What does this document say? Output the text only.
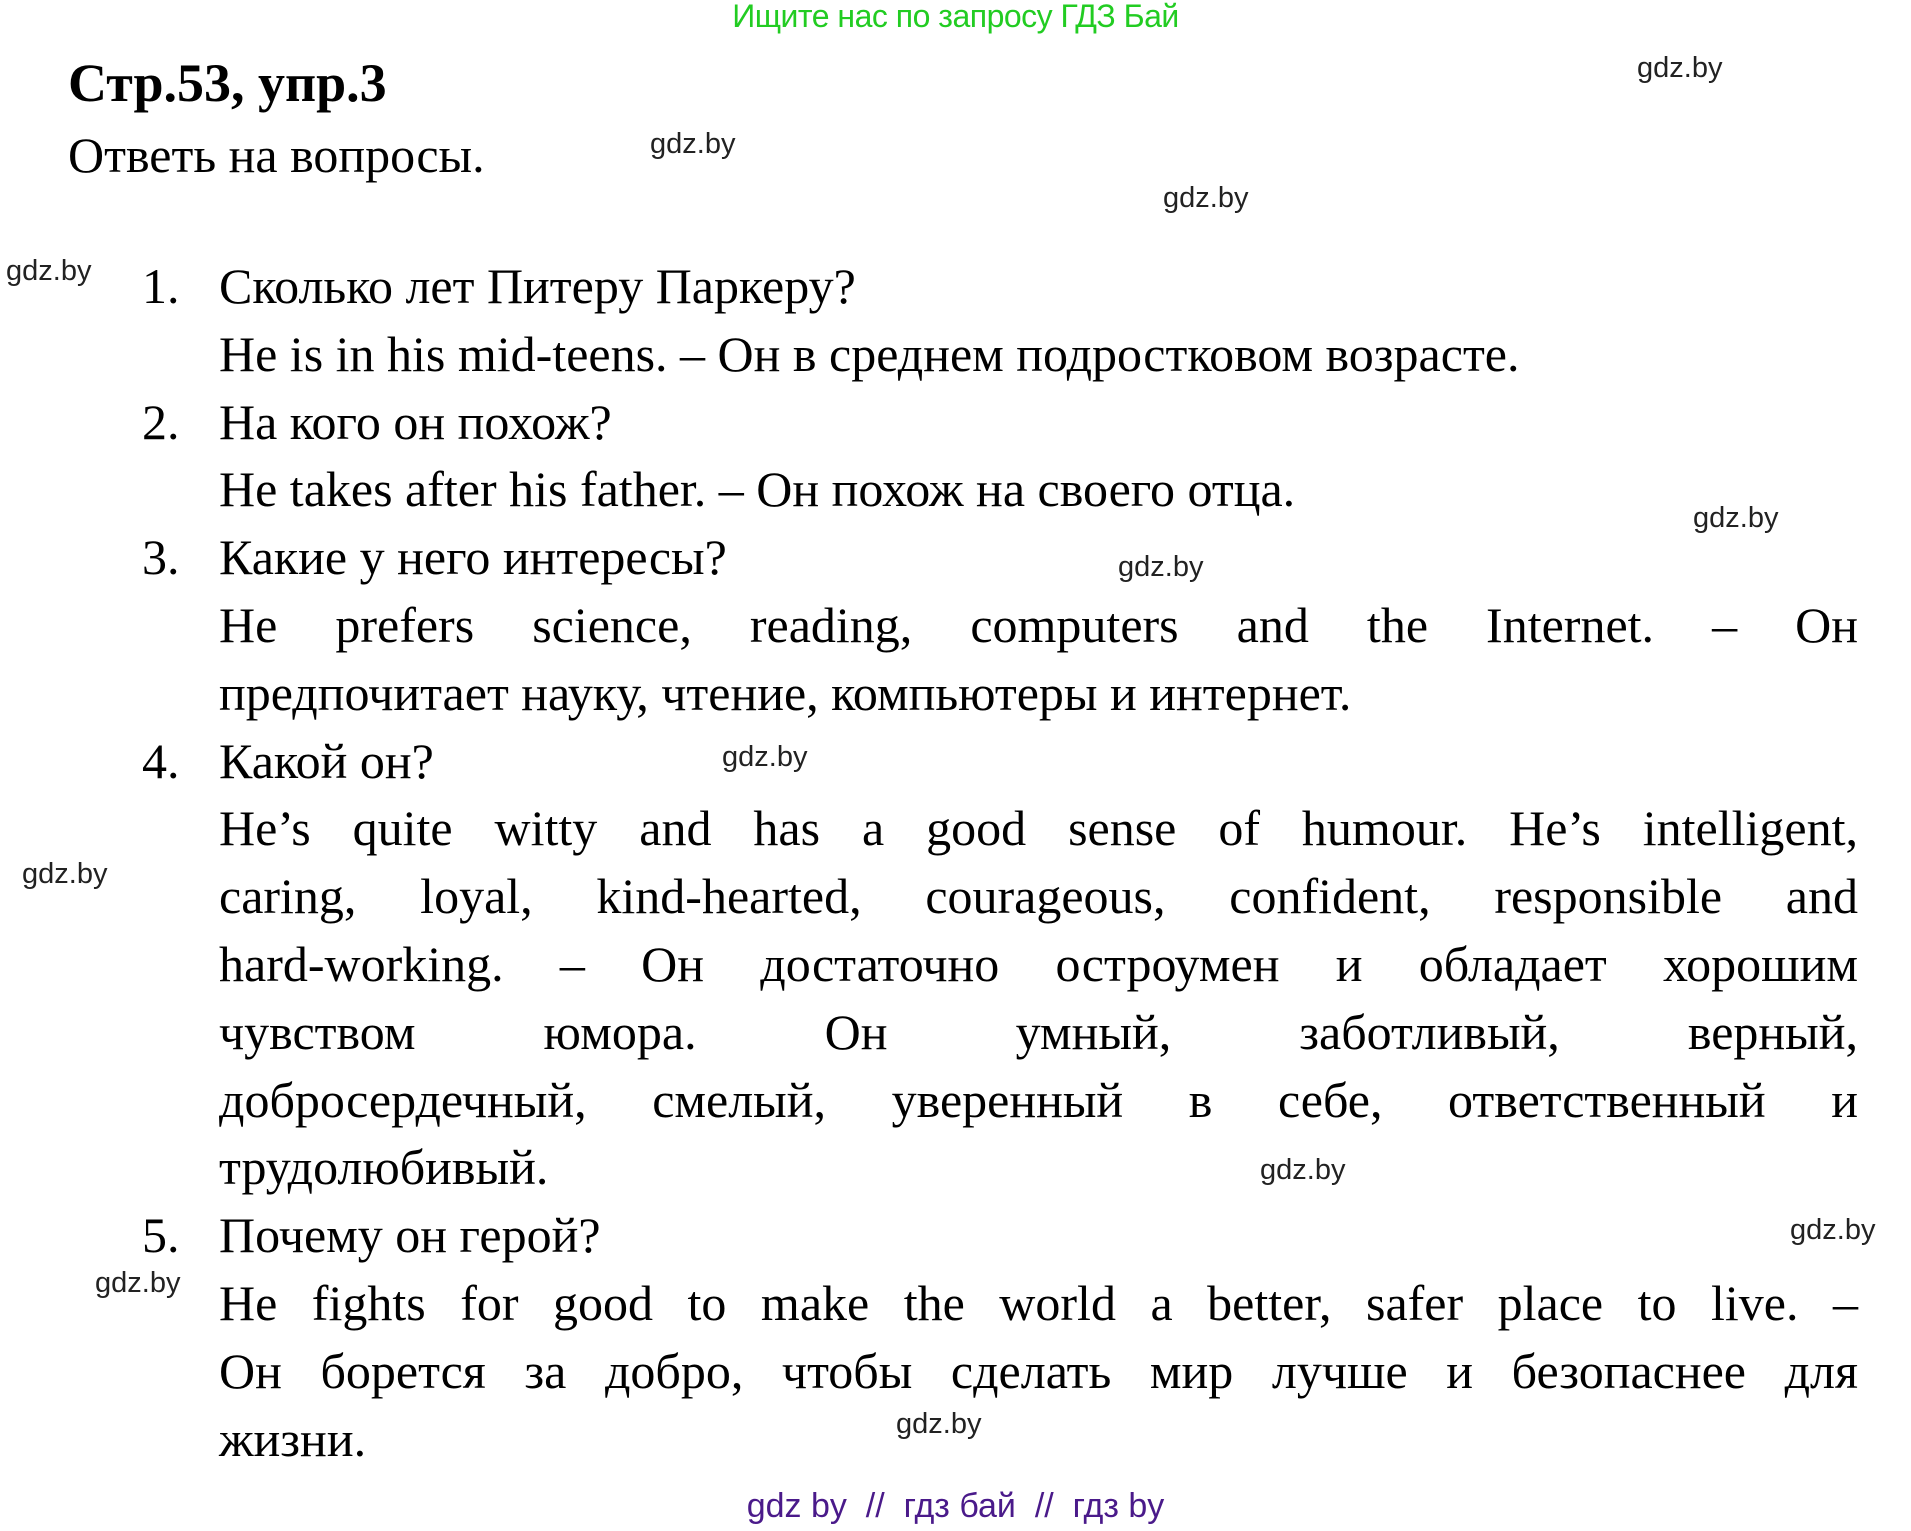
Ищите нас по запросу ГДЗ Бай
Стр.53, упр.3
Ответь на вопросы.
gdz.by
gdz.by
gdz.by
gdz.by
gdz.by
gdz.by
gdz.by
gdz.by
gdz.by
gdz.by
gdz.by
gdz.by
1. Сколько лет Питеру Паркеру?
He is in his mid-teens. – Он в среднем подростковом возрасте.
2. На кого он похож?
He takes after his father. – Он похож на своего отца.
3. Какие у него интересы?
He prefers science, reading, computers and the Internet. – Он
предпочитает науку, чтение, компьютеры и интернет.
4. Какой он?
He’s quite witty and has a good sense of humour. He’s intelligent,
caring, loyal, kind-hearted, courageous, confident, responsible and
hard-working. – Он достаточно остроумен и обладает хорошим
чувством юмора. Он умный, заботливый, верный,
добросердечный, смелый, уверенный в себе, ответственный и
трудолюбивый.
5. Почему он герой?
He fights for good to make the world a better, safer place to live. –
Он борется за добро, чтобы сделать мир лучше и безопаснее для
жизни.
gdz by  //  гдз бай  //  гдз by
